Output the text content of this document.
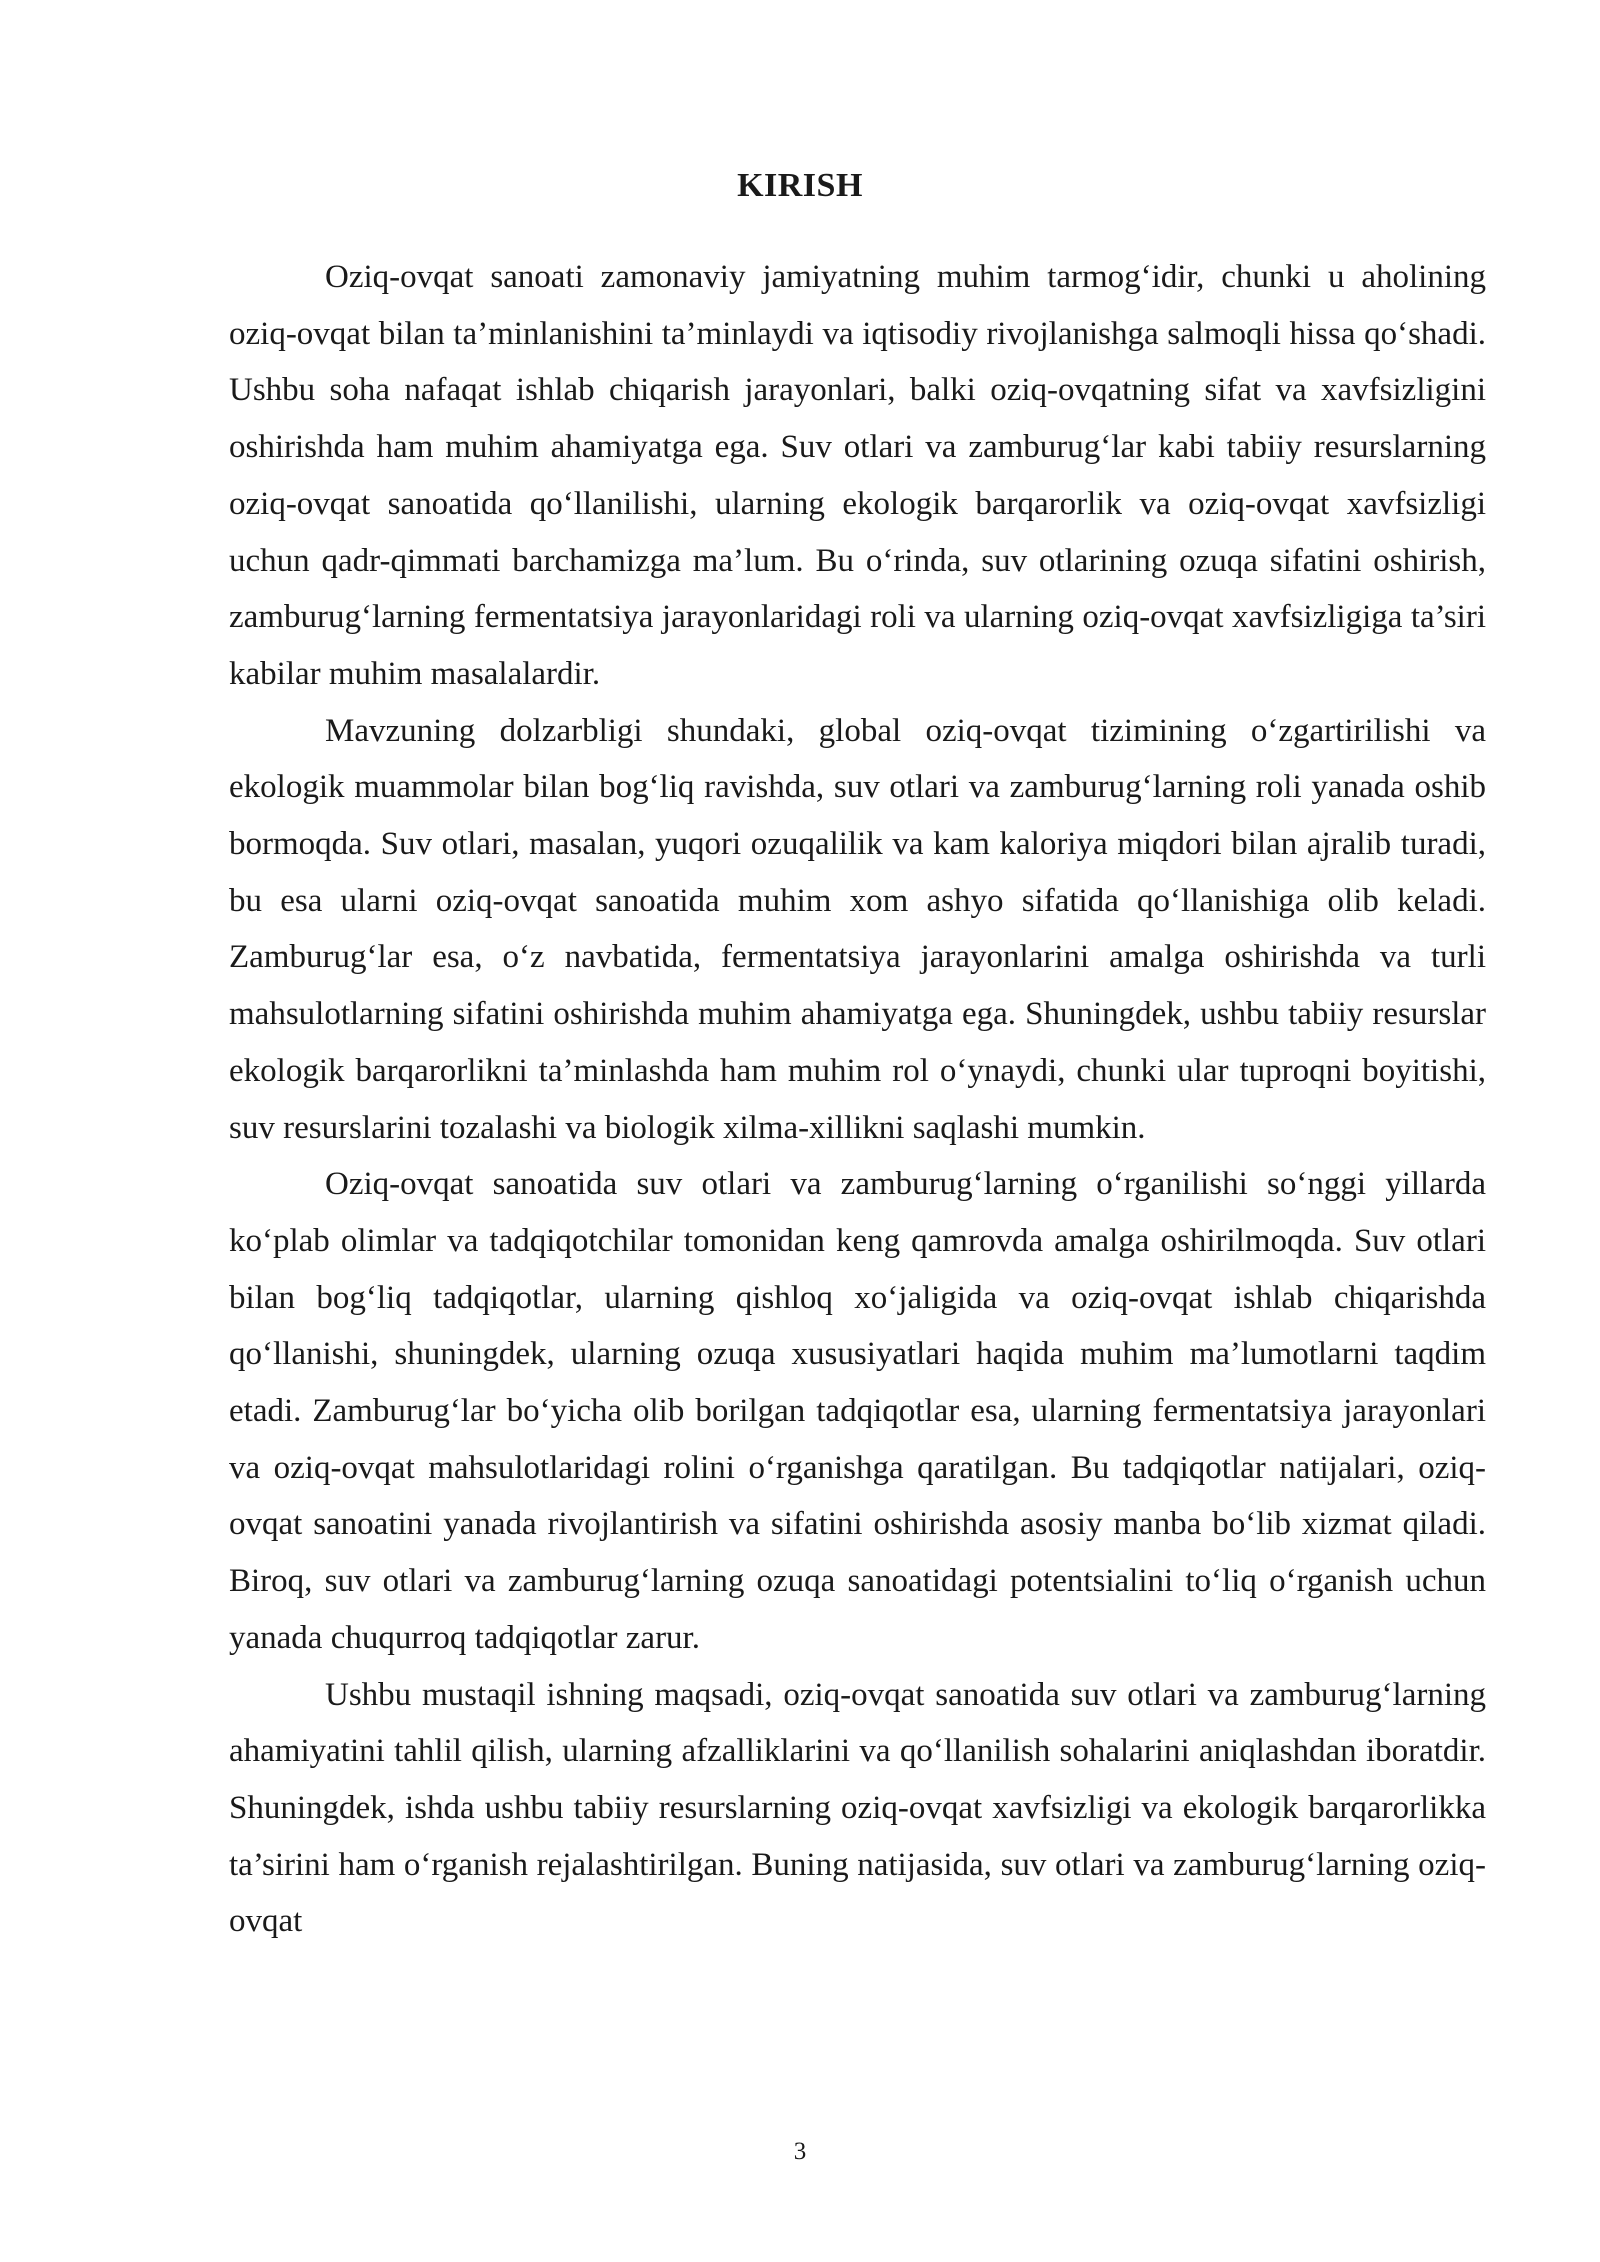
KIRISH

Oziq-ovqat sanoati zamonaviy jamiyatning muhim tarmog‘idir, chunki u aholining oziq-ovqat bilan ta’minlanishini ta’minlaydi va iqtisodiy rivojlanishga salmoqli hissa qo‘shadi. Ushbu soha nafaqat ishlab chiqarish jarayonlari, balki oziq-ovqatning sifat va xavfsizligini oshirishda ham muhim ahamiyatga ega. Suv otlari va zamburug‘lar kabi tabiiy resurslarning oziq-ovqat sanoatida qo‘llanilishi, ularning ekologik barqarorlik va oziq-ovqat xavfsizligi uchun qadr-qimmati barchamizga ma’lum. Bu o‘rinda, suv otlarining ozuqa sifatini oshirish, zamburug‘larning fermentatsiya jarayonlaridagi roli va ularning oziq-ovqat xavfsizligiga ta’siri kabilar muhim masalalardir.

Mavzuning dolzarbligi shundaki, global oziq-ovqat tizimining o‘zgartirilishi va ekologik muammolar bilan bog‘liq ravishda, suv otlari va zamburug‘larning roli yanada oshib bormoqda. Suv otlari, masalan, yuqori ozuqalilik va kam kaloriya miqdori bilan ajralib turadi, bu esa ularni oziq-ovqat sanoatida muhim xom ashyo sifatida qo‘llanishiga olib keladi. Zamburug‘lar esa, o‘z navbatida, fermentatsiya jarayonlarini amalga oshirishda va turli mahsulotlarning sifatini oshirishda muhim ahamiyatga ega. Shuningdek, ushbu tabiiy resurslar ekologik barqarorlikni ta’minlashda ham muhim rol o‘ynaydi, chunki ular tuproqni boyitishi, suv resurslarini tozalashi va biologik xilma-xillikni saqlashi mumkin.

Oziq-ovqat sanoatida suv otlari va zamburug‘larning o‘rganilishi so‘nggi yillarda ko‘plab olimlar va tadqiqotchilar tomonidan keng qamrovda amalga oshirilmoqda. Suv otlari bilan bog‘liq tadqiqotlar, ularning qishloq xo‘jaligida va oziq-ovqat ishlab chiqarishda qo‘llanishi, shuningdek, ularning ozuqa xususiyatlari haqida muhim ma’lumotlarni taqdim etadi. Zamburug‘lar bo‘yicha olib borilgan tadqiqotlar esa, ularning fermentatsiya jarayonlari va oziq-ovqat mahsulotlaridagi rolini o‘rganishga qaratilgan. Bu tadqiqotlar natijalari, oziq-ovqat sanoatini yanada rivojlantirish va sifatini oshirishda asosiy manba bo‘lib xizmat qiladi. Biroq, suv otlari va zamburug‘larning ozuqa sanoatidagi potentsialini to‘liq o‘rganish uchun yanada chuqurroq tadqiqotlar zarur.

Ushbu mustaqil ishning maqsadi, oziq-ovqat sanoatida suv otlari va zamburug‘larning ahamiyatini tahlil qilish, ularning afzalliklarini va qo‘llanilish sohalarini aniqlashdan iboratdir. Shuningdek, ishda ushbu tabiiy resurslarning oziq-ovqat xavfsizligi va ekologik barqarorlikka ta’sirini ham o‘rganish rejalashtirilgan. Buning natijasida, suv otlari va zamburug‘larning oziq-ovqat

3
